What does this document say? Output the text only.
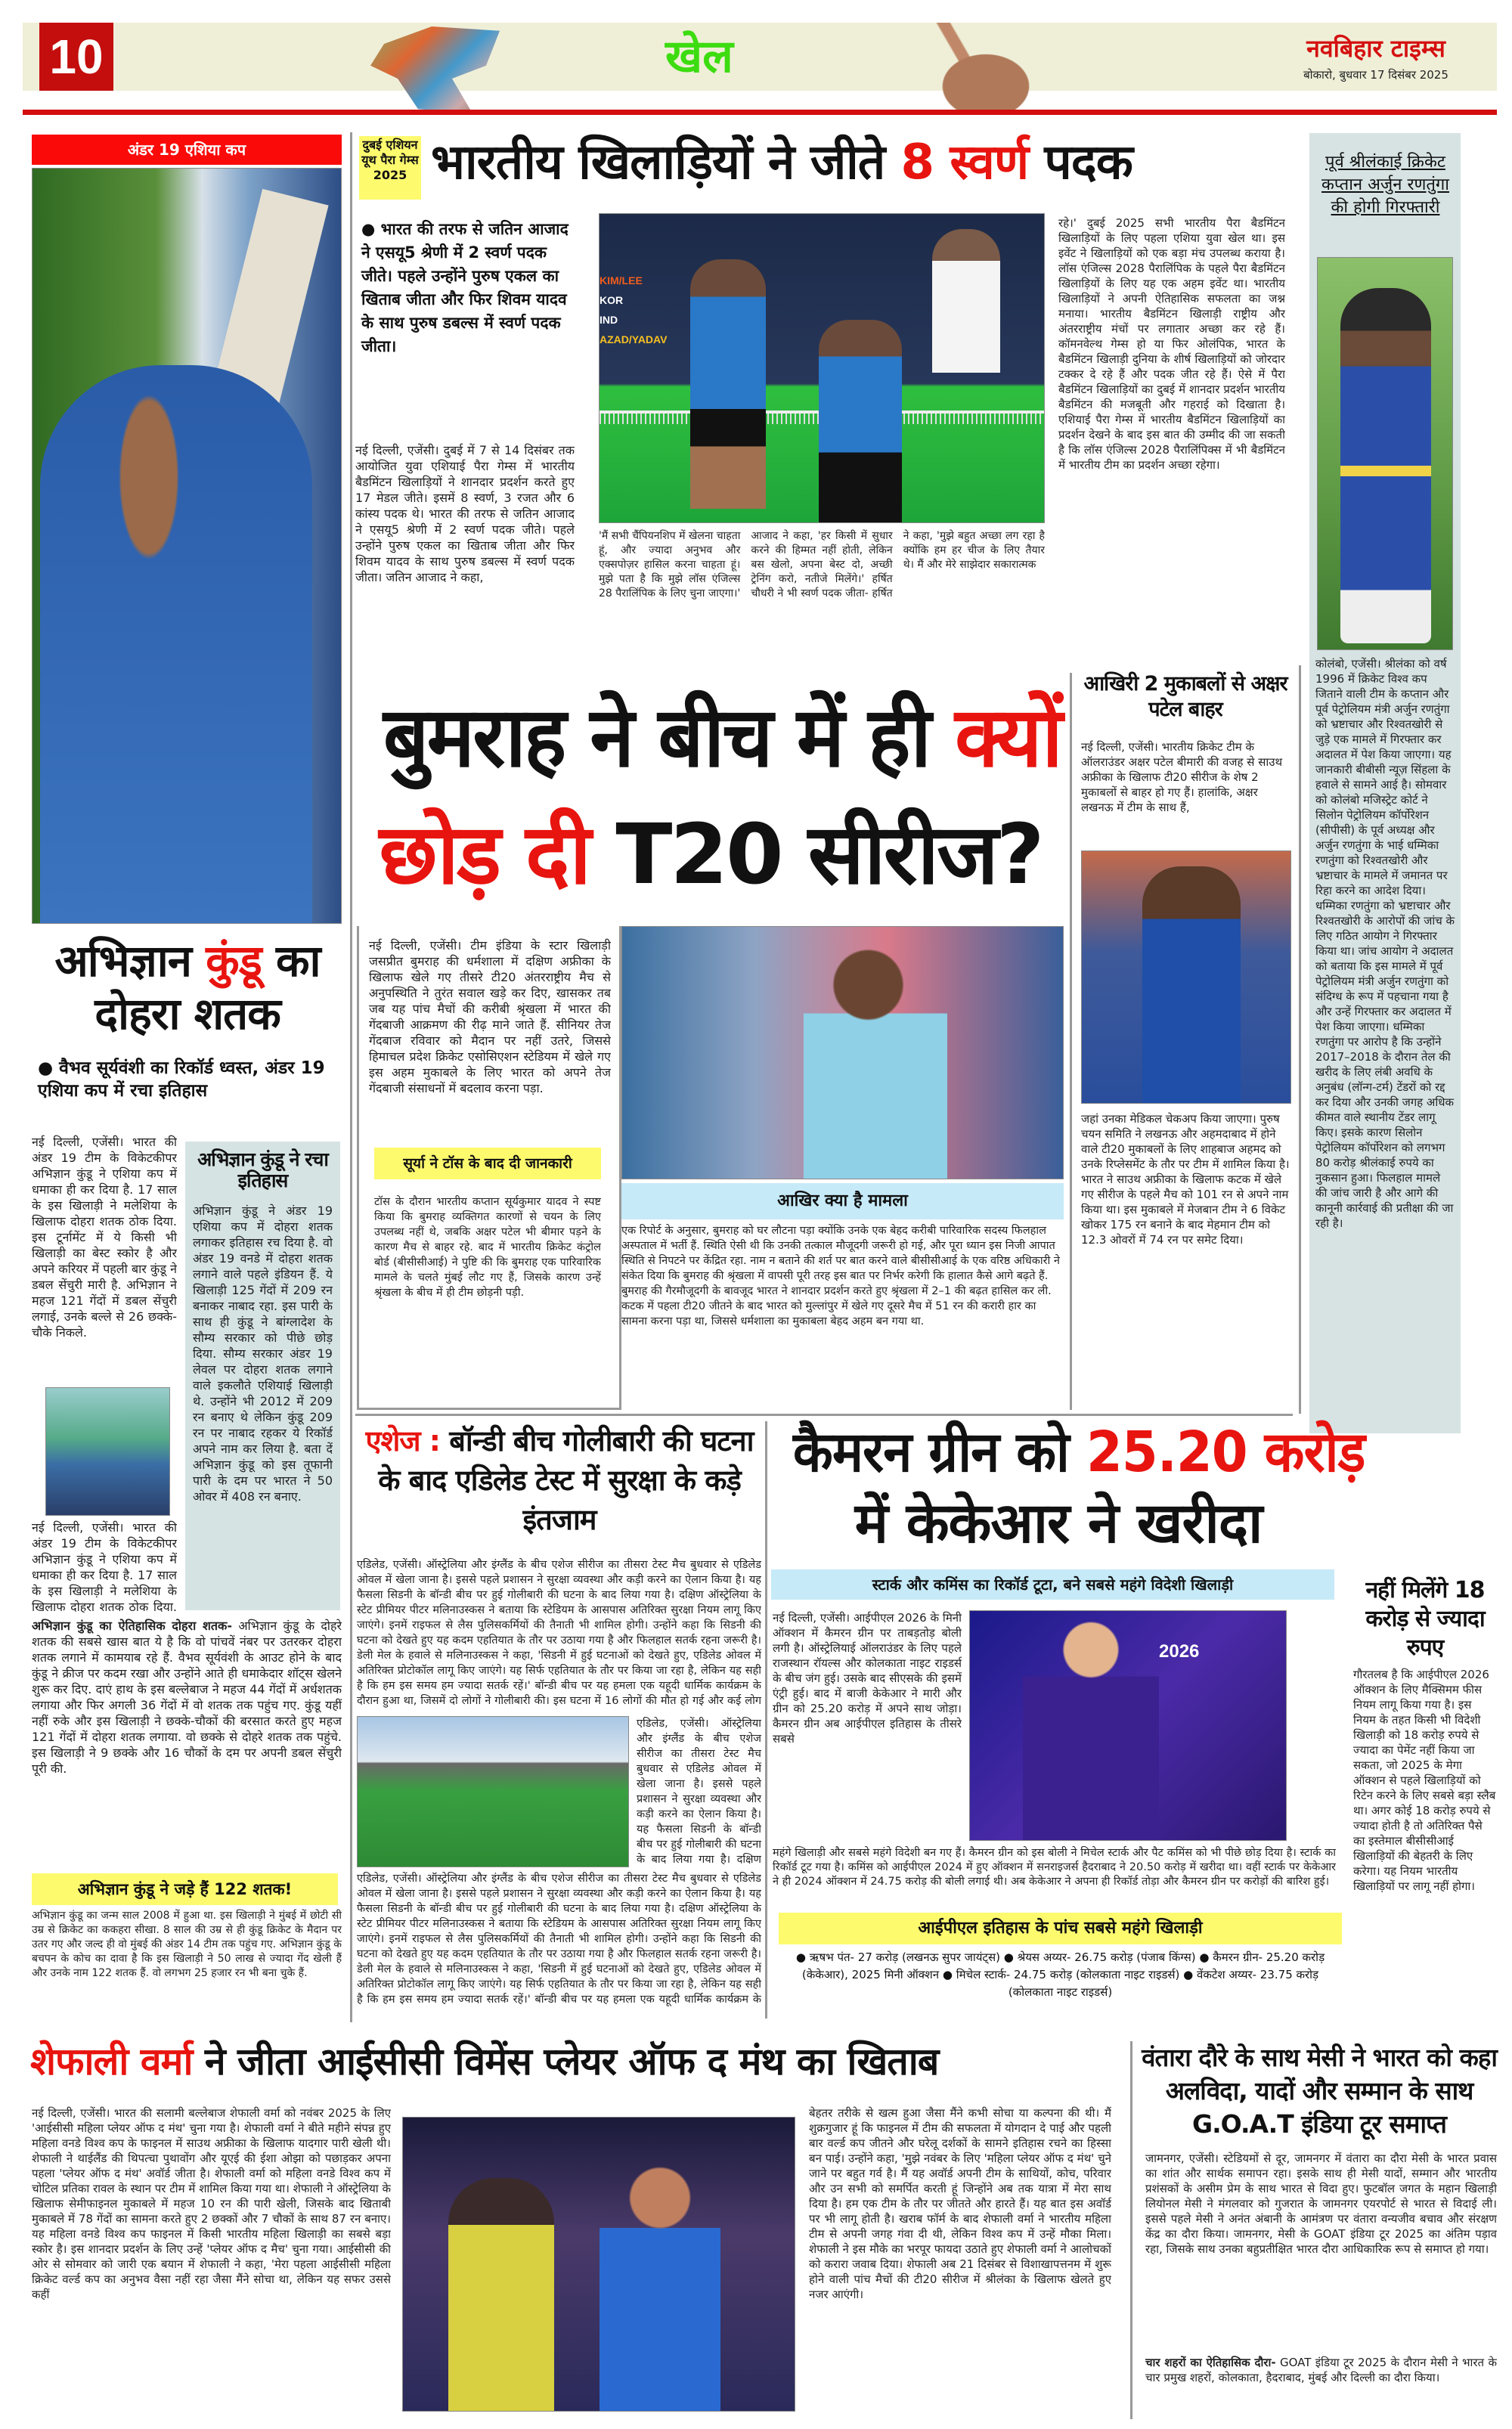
10	खेल	नवबिहार टाइम्स
बोकारो, बुधवार 17 दिसंबर 2025
अंडर 19 एशिया कप
अभिज्ञान कुंडू का दोहरा शतक
● वैभव सूर्यवंशी का रिकॉर्ड ध्वस्त, अंडर 19 एशिया कप में रचा इतिहास
नई दिल्ली, एजेंसी। भारत की अंडर 19 टीम के विकेटकीपर अभिज्ञान कुंडू ने एशिया कप में धमाका ही कर दिया है. 17 साल के इस खिलाड़ी ने मलेशिया के खिलाफ दोहरा शतक ठोक दिया. इस टूर्नामेंट में ये किसी भी खिलाड़ी का बेस्ट स्कोर है और अपने करियर में पहली बार कुंडू ने डबल सेंचुरी मारी है. अभिज्ञान ने महज 121 गेंदों में डबल सेंचुरी लगाई, उनके बल्ले से 26 छक्के-चौके निकले.
नई दिल्ली, एजेंसी। भारत की अंडर 19 टीम के विकेटकीपर अभिज्ञान कुंडू ने एशिया कप में धमाका ही कर दिया है. 17 साल के इस खिलाड़ी ने मलेशिया के खिलाफ दोहरा शतक ठोक दिया.
अभिज्ञान कुंडू का ऐतिहासिक दोहरा शतक- अभिज्ञान कुंडू के दोहरे शतक की सबसे खास बात ये है कि वो पांचवें नंबर पर उतरकर दोहरा शतक लगाने में कामयाब रहे हैं. वैभव सूर्यवंशी के आउट होने के बाद कुंडू ने क्रीज पर कदम रखा और उन्होंने आते ही धमाकेदार शॉट्स खेलने शुरू कर दिए. दाएं हाथ के इस बल्लेबाज ने महज 44 गेंदों में अर्धशतक लगाया और फिर अगली 36 गेंदों में वो शतक तक पहुंच गए. कुंडू यहीं नहीं रुके और इस खिलाड़ी ने छक्के-चौकों की बरसात करते हुए महज 121 गेंदों में दोहरा शतक लगाया. वो छक्के से दोहरे शतक तक पहुंचे. इस खिलाड़ी ने 9 छक्के और 16 चौकों के दम पर अपनी डबल सेंचुरी पूरी की.
अभिज्ञान कुंडू ने रचा इतिहास
अभिज्ञान कुंडू ने अंडर 19 एशिया कप में दोहरा शतक लगाकर इतिहास रच दिया है. वो अंडर 19 वनडे में दोहरा शतक लगाने वाले पहले इंडियन हैं. ये खिलाड़ी 125 गेंदों में 209 रन बनाकर नाबाद रहा. इस पारी के साथ ही कुंडू ने बांग्लादेश के सौम्य सरकार को पीछे छोड़ दिया. सौम्य सरकार अंडर 19 लेवल पर दोहरा शतक लगाने वाले इकलौते एशियाई खिलाड़ी थे. उन्होंने भी 2012 में 209 रन बनाए थे लेकिन कुंडू 209 रन पर नाबाद रहकर ये रिकॉर्ड अपने नाम कर लिया है. बता दें अभिज्ञान कुंडू को इस तूफानी पारी के दम पर भारत ने 50 ओवर में 408 रन बनाए.
अभिज्ञान कुंडू ने जड़े हैं 122 शतक!
अभिज्ञान कुंडू का जन्म साल 2008 में हुआ था. इस खिलाड़ी ने मुंबई में छोटी सी उम्र से क्रिकेट का ककहरा सीखा. 8 साल की उम्र से ही कुंडू क्रिकेट के मैदान पर उतर गए और जल्द ही वो मुंबई की अंडर 14 टीम तक पहुंच गए. अभिज्ञान कुंडू के बचपन के कोच का दावा है कि इस खिलाड़ी ने 50 लाख से ज्यादा गेंद खेली हैं और उनके नाम 122 शतक हैं. वो लगभग 25 हजार रन भी बना चुके हैं.
दुबई एशियन यूथ पैरा गेम्स 2025 भारतीय खिलाड़ियों ने जीते 8 स्वर्ण पदक
● भारत की तरफ से जतिन आजाद ने एसयू5 श्रेणी में 2 स्वर्ण पदक जीते। पहले उन्होंने पुरुष एकल का खिताब जीता और फिर शिवम यादव के साथ पुरुष डबल्स में स्वर्ण पदक जीता।
नई दिल्ली, एजेंसी। दुबई में 7 से 14 दिसंबर तक आयोजित युवा एशियाई पैरा गेम्स में भारतीय बैडमिंटन खिलाड़ियों ने शानदार प्रदर्शन करते हुए 17 मेडल जीते। इसमें 8 स्वर्ण, 3 रजत और 6 कांस्य पदक थे। भारत की तरफ से जतिन आजाद ने एसयू5 श्रेणी में 2 स्वर्ण पदक जीते। पहले उन्होंने पुरुष एकल का खिताब जीता और फिर शिवम यादव के साथ पुरुष डबल्स में स्वर्ण पदक जीता। जतिन आजाद ने कहा,
KIM/LEE
KOR
IND
AZAD/YADAV
'मैं सभी चैंपियनशिप में खेलना चाहता हूं, और ज्यादा अनुभव और एक्सपोज़र हासिल करना चाहता हूं। मुझे पता है कि मुझे लॉस एंजिल्स 28 पैरालिंपिक के लिए चुना जाएगा।' आजाद ने कहा, 'हर किसी में सुधार करने की हिम्मत नहीं होती, लेकिन बस खेलो, अपना बेस्ट दो, अच्छी ट्रेनिंग करो, नतीजे मिलेंगे।' हर्षित चौधरी ने भी स्वर्ण पदक जीता- हर्षित ने कहा, 'मुझे बहुत अच्छा लग रहा है क्योंकि हम हर चीज के लिए तैयार थे। मैं और मेरे साझेदार सकारात्मक
रहे।' दुबई 2025 सभी भारतीय पैरा बैडमिंटन खिलाड़ियों के लिए पहला एशिया युवा खेल था। इस इवेंट ने खिलाड़ियों को एक बड़ा मंच उपलब्ध कराया है। लॉस एंजिल्स 2028 पैरालिंपिक के पहले पैरा बैडमिंटन खिलाड़ियों के लिए यह एक अहम इवेंट था। भारतीय खिलाड़ियों ने अपनी ऐतिहासिक सफलता का जश्न मनाया। भारतीय बैडमिंटन खिलाड़ी राष्ट्रीय और अंतरराष्ट्रीय मंचों पर लगातार अच्छा कर रहे हैं। कॉमनवेल्थ गेम्स हो या फिर ओलंपिक, भारत के बैडमिंटन खिलाड़ी दुनिया के शीर्ष खिलाड़ियों को जोरदार टक्कर दे रहे हैं और पदक जीत रहे हैं। ऐसे में पैरा बैडमिंटन खिलाड़ियों का दुबई में शानदार प्रदर्शन भारतीय बैडमिंटन की मजबूती और गहराई को दिखाता है। एशियाई पैरा गेम्स में भारतीय बैडमिंटन खिलाड़ियों का प्रदर्शन देखने के बाद इस बात की उम्मीद की जा सकती है कि लॉस एंजिल्स 2028 पैरालिंपिक्स में भी बैडमिंटन में भारतीय टीम का प्रदर्शन अच्छा रहेगा।
पूर्व श्रीलंकाई क्रिकेट कप्तान अर्जुन रणतुंगा की होगी गिरफ्तारी
कोलंबो, एजेंसी। श्रीलंका को वर्ष 1996 में क्रिकेट विश्व कप जिताने वाली टीम के कप्तान और पूर्व पेट्रोलियम मंत्री अर्जुन रणतुंगा को भ्रष्टाचार और रिश्वतखोरी से जुड़े एक मामले में गिरफ्तार कर अदालत में पेश किया जाएगा। यह जानकारी बीबीसी न्यूज़ सिंहला के हवाले से सामने आई है। सोमवार को कोलंबो मजिस्ट्रेट कोर्ट ने सिलोन पेट्रोलियम कॉर्पोरेशन (सीपीसी) के पूर्व अध्यक्ष और अर्जुन रणतुंगा के भाई धम्मिका रणतुंगा को रिश्वतखोरी और भ्रष्टाचार के मामले में जमानत पर रिहा करने का आदेश दिया। धम्मिका रणतुंगा को भ्रष्टाचार और रिश्वतखोरी के आरोपों की जांच के लिए गठित आयोग ने गिरफ्तार किया था। जांच आयोग ने अदालत को बताया कि इस मामले में पूर्व पेट्रोलियम मंत्री अर्जुन रणतुंगा को संदिग्ध के रूप में पहचाना गया है और उन्हें गिरफ्तार कर अदालत में पेश किया जाएगा। धम्मिका रणतुंगा पर आरोप है कि उन्होंने 2017–2018 के दौरान तेल की खरीद के लिए लंबी अवधि के अनुबंध (लॉन्ग-टर्म) टेंडरों को रद्द कर दिया और उनकी जगह अधिक कीमत वाले स्थानीय टेंडर लागू किए। इसके कारण सिलोन पेट्रोलियम कॉर्पोरेशन को लगभग 80 करोड़ श्रीलंकाई रुपये का नुकसान हुआ। फिलहाल मामले की जांच जारी है और आगे की कानूनी कार्रवाई की प्रतीक्षा की जा रही है।
बुमराह ने बीच में ही क्यों
छोड़ दी T20 सीरीज?
नई दिल्ली, एजेंसी। टीम इंडिया के स्टार खिलाड़ी जसप्रीत बुमराह की धर्मशाला में दक्षिण अफ्रीका के खिलाफ खेले गए तीसरे टी20 अंतरराष्ट्रीय मैच से अनुपस्थिति ने तुरंत सवाल खड़े कर दिए, खासकर तब जब यह पांच मैचों की करीबी श्रृंखला में भारत की गेंदबाजी आक्रमण की रीढ़ माने जाते हैं. सीनियर तेज गेंदबाज रविवार को मैदान पर नहीं उतरे, जिससे हिमाचल प्रदेश क्रिकेट एसोसिएशन स्टेडियम में खेले गए इस अहम मुकाबले के लिए भारत को अपने तेज गेंदबाजी संसाधनों में बदलाव करना पड़ा.
सूर्या ने टॉस के बाद दी जानकारी
टॉस के दौरान भारतीय कप्तान सूर्यकुमार यादव ने स्पष्ट किया कि बुमराह व्यक्तिगत कारणों से चयन के लिए उपलब्ध नहीं थे, जबकि अक्षर पटेल भी बीमार पड़ने के कारण मैच से बाहर रहे. बाद में भारतीय क्रिकेट कंट्रोल बोर्ड (बीसीसीआई) ने पुष्टि की कि बुमराह एक पारिवारिक मामले के चलते मुंबई लौट गए हैं, जिसके कारण उन्हें श्रृंखला के बीच में ही टीम छोड़नी पड़ी.
आखिर क्या है मामला
एक रिपोर्ट के अनुसार, बुमराह को घर लौटना पड़ा क्योंकि उनके एक बेहद करीबी पारिवारिक सदस्य फिलहाल अस्पताल में भर्ती हैं. स्थिति ऐसी थी कि उनकी तत्काल मौजूदगी जरूरी हो गई, और पूरा ध्यान इस निजी आपात स्थिति से निपटने पर केंद्रित रहा. नाम न बताने की शर्त पर बात करने वाले बीसीसीआई के एक वरिष्ठ अधिकारी ने संकेत दिया कि बुमराह की श्रृंखला में वापसी पूरी तरह इस बात पर निर्भर करेगी कि हालात कैसे आगे बढ़ते हैं. बुमराह की गैरमौजूदगी के बावजूद भारत ने शानदार प्रदर्शन करते हुए श्रृंखला में 2–1 की बढ़त हासिल कर ली. कटक में पहला टी20 जीतने के बाद भारत को मुल्लांपुर में खेले गए दूसरे मैच में 51 रन की करारी हार का सामना करना पड़ा था, जिससे धर्मशाला का मुकाबला बेहद अहम बन गया था.
आखिरी 2 मुकाबलों से अक्षर पटेल बाहर
नई दिल्ली, एजेंसी। भारतीय क्रिकेट टीम के ऑलराउंडर अक्षर पटेल बीमारी की वजह से साउथ अफ्रीका के खिलाफ टी20 सीरीज के शेष 2 मुकाबलों से बाहर हो गए हैं। हालांकि, अक्षर लखनऊ में टीम के साथ हैं,
जहां उनका मेडिकल चेकअप किया जाएगा। पुरुष चयन समिति ने लखनऊ और अहमदाबाद में होने वाले टी20 मुकाबलों के लिए शाहबाज अहमद को उनके रिप्लेसमेंट के तौर पर टीम में शामिल किया है। भारत ने साउथ अफ्रीका के खिलाफ कटक में खेले गए सीरीज के पहले मैच को 101 रन से अपने नाम किया था। इस मुकाबले में मेजबान टीम ने 6 विकेट खोकर 175 रन बनाने के बाद मेहमान टीम को 12.3 ओवरों में 74 रन पर समेट दिया।
एशेज : बॉन्डी बीच गोलीबारी की घटना के बाद एडिलेड टेस्ट में सुरक्षा के कड़े इंतजाम
एडिलेड, एजेंसी। ऑस्ट्रेलिया और इंग्लैंड के बीच एशेज सीरीज का तीसरा टेस्ट मैच बुधवार से एडिलेड ओवल में खेला जाना है। इससे पहले प्रशासन ने सुरक्षा व्यवस्था और कड़ी करने का ऐलान किया है। यह फैसला सिडनी के बॉन्डी बीच पर हुई गोलीबारी की घटना के बाद लिया गया है। दक्षिण ऑस्ट्रेलिया के स्टेट प्रीमियर पीटर मलिनाउस्कस ने बताया कि स्टेडियम के आसपास अतिरिक्त सुरक्षा नियम लागू किए जाएंगे। इनमें राइफल से लैस पुलिसकर्मियों की तैनाती भी शामिल होगी। उन्होंने कहा कि सिडनी की घटना को देखते हुए यह कदम एहतियात के तौर पर उठाया गया है और फिलहाल सतर्क रहना जरूरी है। डेली मेल के हवाले से मलिनाउस्कस ने कहा, 'सिडनी में हुई घटनाओं को देखते हुए, एडिलेड ओवल में अतिरिक्त प्रोटोकॉल लागू किए जाएंगे। यह सिर्फ एहतियात के तौर पर किया जा रहा है, लेकिन यह सही है कि हम इस समय हम ज्यादा सतर्क रहें।' बॉन्डी बीच पर यह हमला एक यहूदी धार्मिक कार्यक्रम के दौरान हुआ था, जिसमें दो लोगों ने गोलीबारी की। इस घटना में 16 लोगों की मौत हो गई और कई लोग
एडिलेड, एजेंसी। ऑस्ट्रेलिया और इंग्लैंड के बीच एशेज सीरीज का तीसरा टेस्ट मैच बुधवार से एडिलेड ओवल में खेला जाना है। इससे पहले प्रशासन ने सुरक्षा व्यवस्था और कड़ी करने का ऐलान किया है। यह फैसला सिडनी के बॉन्डी बीच पर हुई गोलीबारी की घटना के बाद लिया गया है। दक्षिण
एडिलेड, एजेंसी। ऑस्ट्रेलिया और इंग्लैंड के बीच एशेज सीरीज का तीसरा टेस्ट मैच बुधवार से एडिलेड ओवल में खेला जाना है। इससे पहले प्रशासन ने सुरक्षा व्यवस्था और कड़ी करने का ऐलान किया है। यह फैसला सिडनी के बॉन्डी बीच पर हुई गोलीबारी की घटना के बाद लिया गया है। दक्षिण ऑस्ट्रेलिया के स्टेट प्रीमियर पीटर मलिनाउस्कस ने बताया कि स्टेडियम के आसपास अतिरिक्त सुरक्षा नियम लागू किए जाएंगे। इनमें राइफल से लैस पुलिसकर्मियों की तैनाती भी शामिल होगी। उन्होंने कहा कि सिडनी की घटना को देखते हुए यह कदम एहतियात के तौर पर उठाया गया है और फिलहाल सतर्क रहना जरूरी है। डेली मेल के हवाले से मलिनाउस्कस ने कहा, 'सिडनी में हुई घटनाओं को देखते हुए, एडिलेड ओवल में अतिरिक्त प्रोटोकॉल लागू किए जाएंगे। यह सिर्फ एहतियात के तौर पर किया जा रहा है, लेकिन यह सही है कि हम इस समय हम ज्यादा सतर्क रहें।' बॉन्डी बीच पर यह हमला एक यहूदी धार्मिक कार्यक्रम के
कैमरन ग्रीन को 25.20 करोड़
में केकेआर ने खरीदा
स्टार्क और कमिंस का रिकॉर्ड टूटा, बने सबसे महंगे विदेशी खिलाड़ी
नई दिल्ली, एजेंसी। आईपीएल 2026 के मिनी ऑक्शन में कैमरन ग्रीन पर ताबड़तोड़ बोली लगी है। ऑस्ट्रेलियाई ऑलराउंडर के लिए पहले राजस्थान रॉयल्स और कोलकाता नाइट राइडर्स के बीच जंग हुई। उसके बाद सीएसके की इसमें एंट्री हुई। बाद में बाजी केकेआर ने मारी और ग्रीन को 25.20 करोड़ में अपने साथ जोड़ा। कैमरन ग्रीन अब आईपीएल इतिहास के तीसरे सबसे
2026
महंगे खिलाड़ी और सबसे महंगे विदेशी बन गए हैं। कैमरन ग्रीन को इस बोली ने मिचेल स्टार्क और पैट कमिंस को भी पीछे छोड़ दिया है। स्टार्क का रिकॉर्ड टूट गया है। कमिंस को आईपीएल 2024 में हुए ऑक्शन में सनराइजर्स हैदराबाद ने 20.50 करोड़ में खरीदा था। वहीं स्टार्क पर केकेआर ने ही 2024 ऑक्शन में 24.75 करोड़ की बोली लगाई थी। अब केकेआर ने अपना ही रिकॉर्ड तोड़ा और कैमरन ग्रीन पर करोड़ों की बारिश हुई।
नहीं मिलेंगे 18 करोड़ से ज्यादा रुपए
गौरतलब है कि आईपीएल 2026 ऑक्शन के लिए मैक्सिमम फीस नियम लागू किया गया है। इस नियम के तहत किसी भी विदेशी खिलाड़ी को 18 करोड़ रुपये से ज्यादा का पेमेंट नहीं किया जा सकता, जो 2025 के मेगा ऑक्शन से पहले खिलाड़ियों को रिटेन करने के लिए सबसे बड़ा स्लैब था। अगर कोई 18 करोड़ रुपये से ज्यादा होती है तो अतिरिक्त पैसे का इस्तेमाल बीसीसीआई खिलाड़ियों की बेहतरी के लिए करेगा। यह नियम भारतीय खिलाड़ियों पर लागू नहीं होगा।
आईपीएल इतिहास के पांच सबसे महंगे खिलाड़ी
● ऋषभ पंत- 27 करोड़ (लखनऊ सुपर जायंट्स) ● श्रेयस अय्यर- 26.75 करोड़ (पंजाब किंग्स) ● कैमरन ग्रीन- 25.20 करोड़ (केकेआर), 2025 मिनी ऑक्शन ● मिचेल स्टार्क- 24.75 करोड़ (कोलकाता नाइट राइडर्स) ● वेंकटेश अय्यर- 23.75 करोड़ (कोलकाता नाइट राइडर्स)
शेफाली वर्मा ने जीता आईसीसी विमेंस प्लेयर ऑफ द मंथ का खिताब
नई दिल्ली, एजेंसी। भारत की सलामी बल्लेबाज शेफाली वर्मा को नवंबर 2025 के लिए 'आईसीसी महिला प्लेयर ऑफ द मंथ' चुना गया है। शेफाली वर्मा ने बीते महीने संपन्न हुए महिला वनडे विश्व कप के फाइनल में साउथ अफ्रीका के खिलाफ यादगार पारी खेली थी। शेफाली ने थाईलैंड की थिपत्चा पुथावोंग और यूएई की ईशा ओझा को पछाड़कर अपना पहला 'प्लेयर ऑफ द मंथ' अवॉर्ड जीता है। शेफाली वर्मा को महिला वनडे विश्व कप में चोटिल प्रतिका रावल के स्थान पर टीम में शामिल किया गया था। शेफाली ने ऑस्ट्रेलिया के खिलाफ सेमीफाइनल मुकाबले में महज 10 रन की पारी खेली, जिसके बाद खिताबी मुकाबले में 78 गेंदों का सामना करते हुए 2 छक्कों और 7 चौकों के साथ 87 रन बनाए। यह महिला वनडे विश्व कप फाइनल में किसी भारतीय महिला खिलाड़ी का सबसे बड़ा स्कोर है। इस शानदार प्रदर्शन के लिए उन्हें 'प्लेयर ऑफ द मैच' चुना गया। आईसीसी की ओर से सोमवार को जारी एक बयान में शेफाली ने कहा, 'मेरा पहला आईसीसी महिला क्रिकेट वर्ल्ड कप का अनुभव वैसा नहीं रहा जैसा मैंने सोचा था, लेकिन यह सफर उससे कहीं
बेहतर तरीके से खत्म हुआ जैसा मैंने कभी सोचा या कल्पना की थी। मैं शुक्रगुजार हूं कि फाइनल में टीम की सफलता में योगदान दे पाई और पहली बार वर्ल्ड कप जीतने और घरेलू दर्शकों के सामने इतिहास रचने का हिस्सा बन पाई। उन्होंने कहा, 'मुझे नवंबर के लिए 'महिला प्लेयर ऑफ द मंथ' चुने जाने पर बहुत गर्व है। मैं यह अवॉर्ड अपनी टीम के साथियों, कोच, परिवार और उन सभी को समर्पित करती हूं जिन्होंने अब तक यात्रा में मेरा साथ दिया है। हम एक टीम के तौर पर जीतते और हारते हैं। यह बात इस अवॉर्ड पर भी लागू होती है। खराब फॉर्म के बाद शेफाली वर्मा ने भारतीय महिला टीम से अपनी जगह गंवा दी थी, लेकिन विश्व कप में उन्हें मौका मिला। शेफाली ने इस मौके का भरपूर फायदा उठाते हुए शेफाली वर्मा ने आलोचकों को करारा जवाब दिया। शेफाली अब 21 दिसंबर से विशाखापत्तनम में शुरू होने वाली पांच मैचों की टी20 सीरीज में श्रीलंका के खिलाफ खेलते हुए नजर आएंगी।
वंतारा दौरे के साथ मेसी ने भारत को कहा अलविदा, यादों और सम्मान के साथ G.O.A.T इंडिया टूर समाप्त
जामनगर, एजेंसी। स्टेडियमों से दूर, जामनगर में वंतारा का दौरा मेसी के भारत प्रवास का शांत और सार्थक समापन रहा। इसके साथ ही मेसी यादों, सम्मान और भारतीय प्रशंसकों के असीम प्रेम के साथ भारत से विदा हुए। फुटबॉल जगत के महान खिलाड़ी लियोनल मेसी ने मंगलवार को गुजरात के जामनगर एयरपोर्ट से भारत से विदाई ली। इससे पहले मेसी ने अनंत अंबानी के आमंत्रण पर वंतारा वन्यजीव बचाव और संरक्षण केंद्र का दौरा किया। जामनगर, मेसी के GOAT इंडिया टूर 2025 का अंतिम पड़ाव रहा, जिसके साथ उनका बहुप्रतीक्षित भारत दौरा आधिकारिक रूप से समाप्त हो गया।
चार शहरों का ऐतिहासिक दौरा- GOAT इंडिया टूर 2025 के दौरान मेसी ने भारत के चार प्रमुख शहरों, कोलकाता, हैदराबाद, मुंबई और दिल्ली का दौरा किया।
